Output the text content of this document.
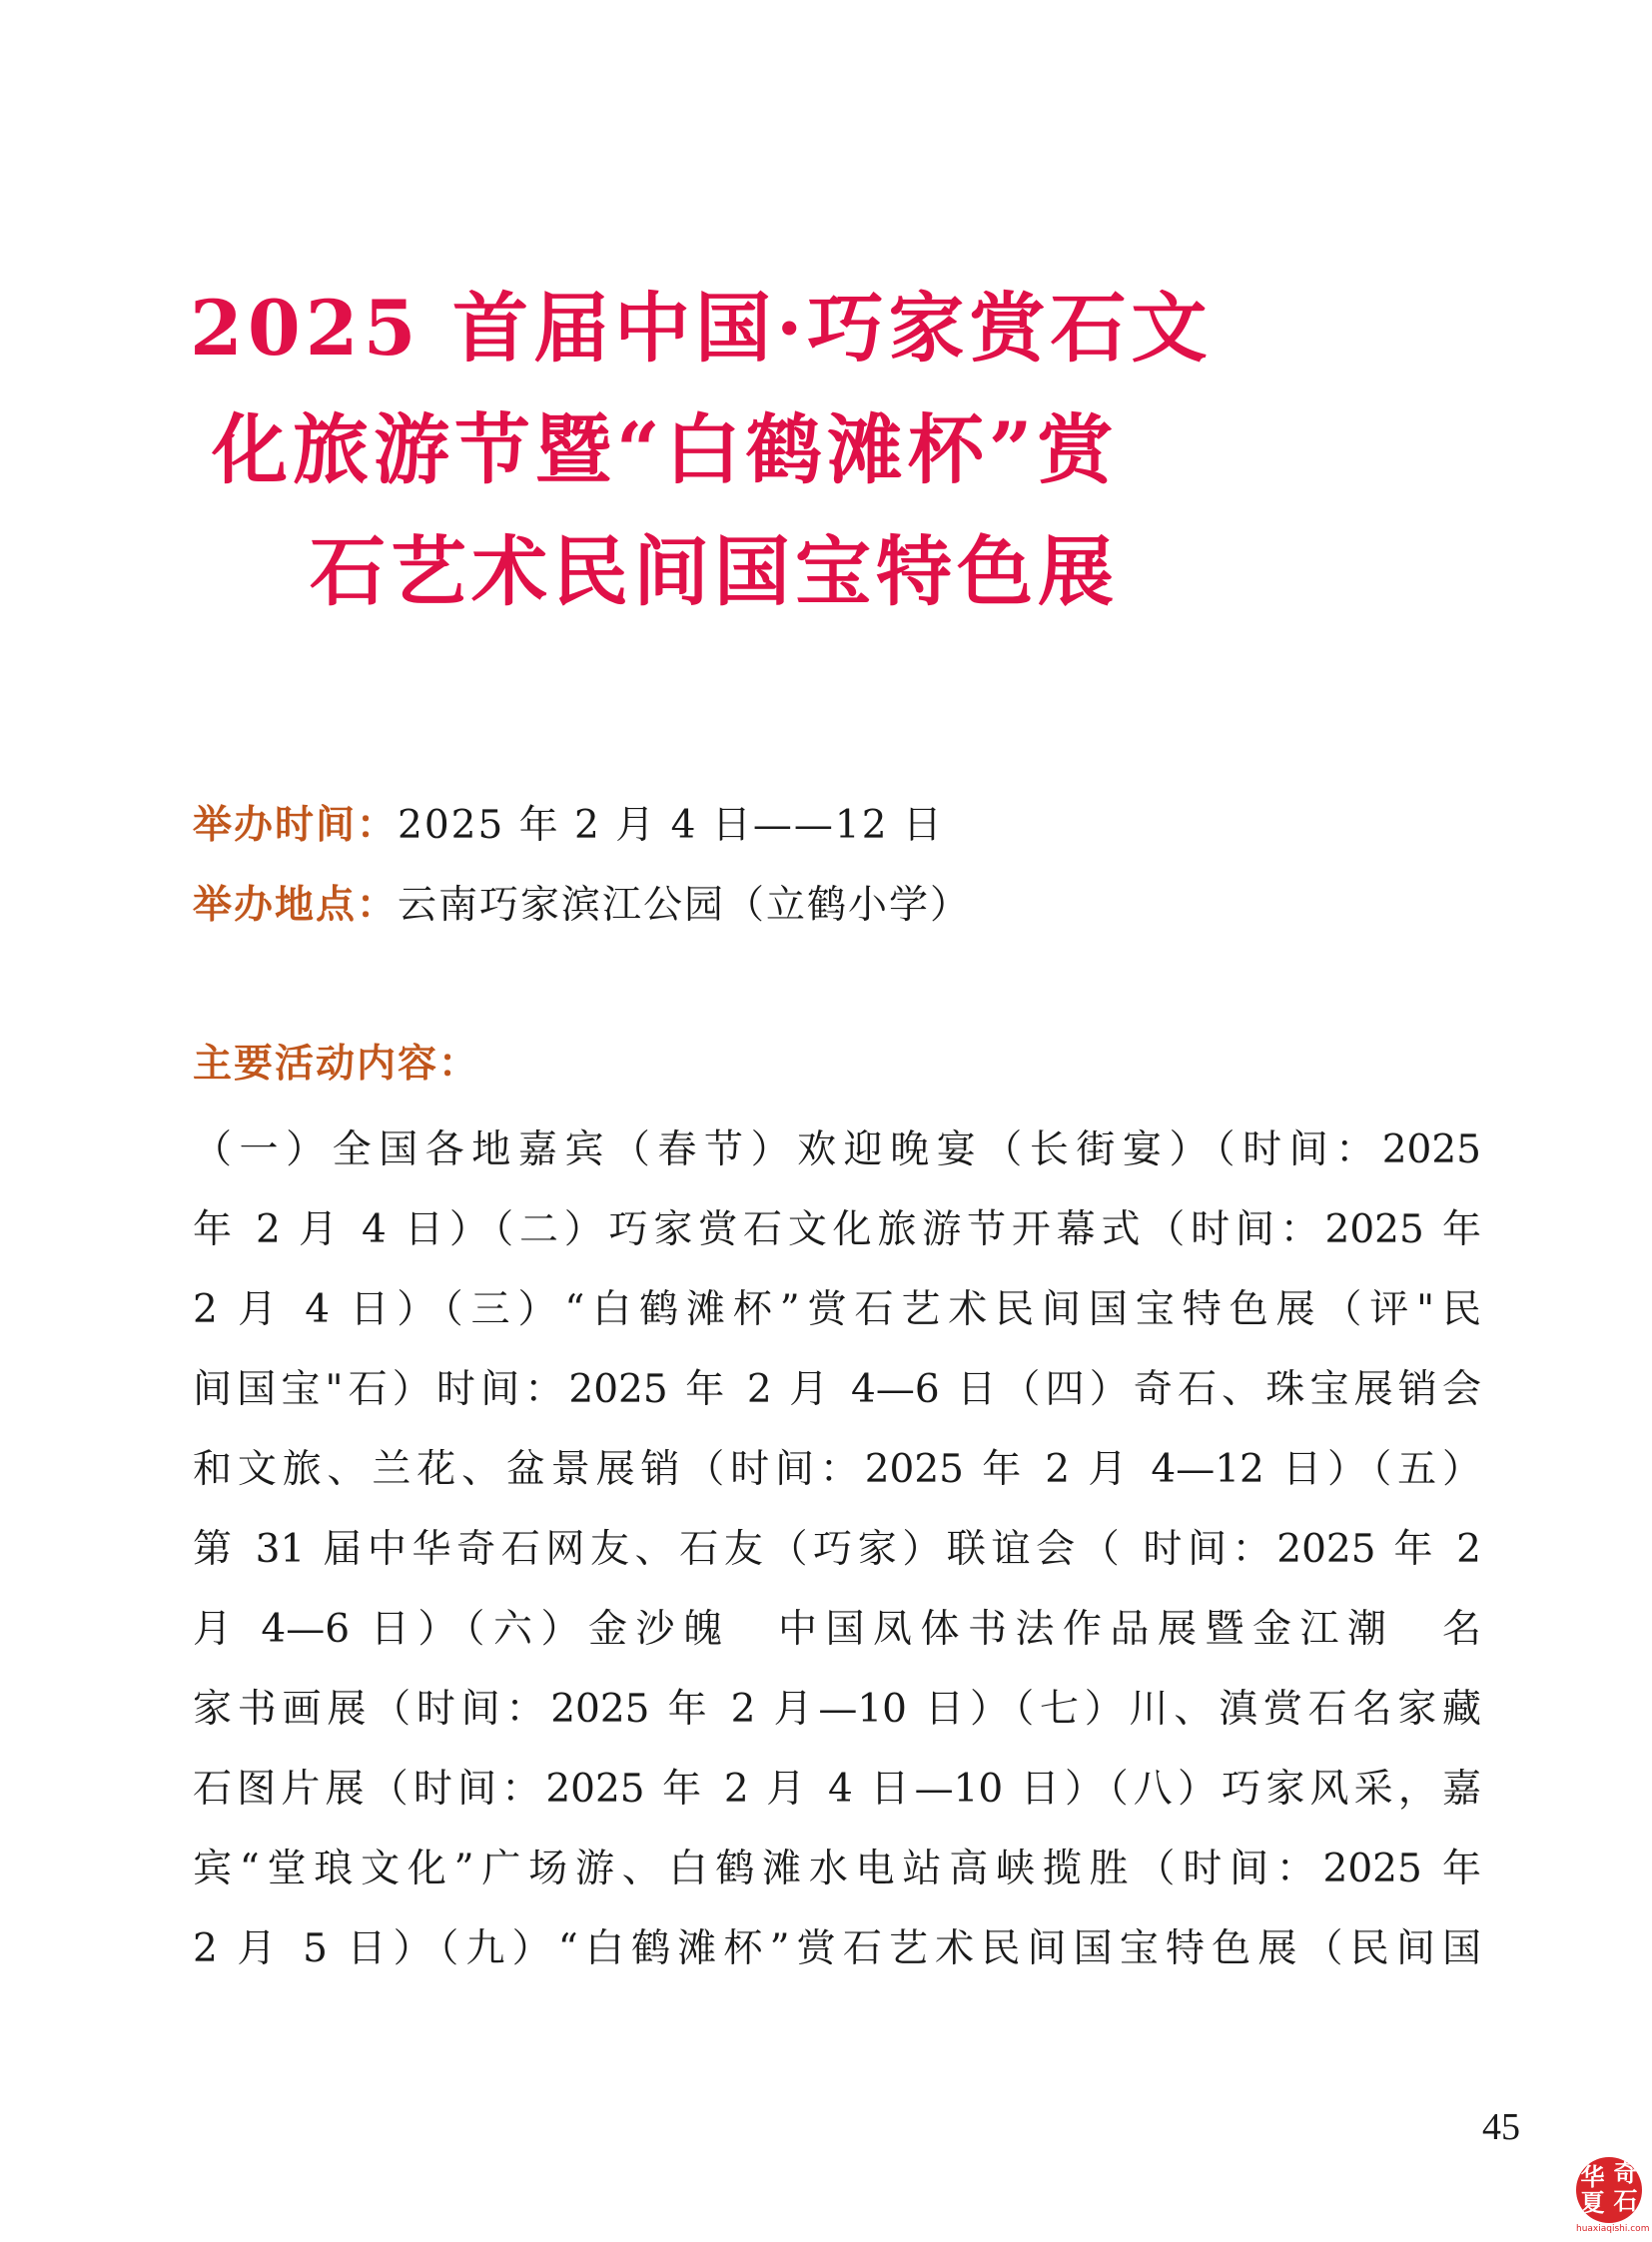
2025 首届中国·巧家赏石文
化旅游节暨“白鹤滩杯”赏
石艺术民间国宝特色展

举办时间：2025 年 2 月 4 日——12 日

举办地点：云南巧家滨江公园（立鹤小学）

主要活动内容：
（一）全国各地嘉宾（春节）欢迎晚宴（长街宴）（时间：2025
年 2 月 4 日）（二）巧家赏石文化旅游节开幕式（时间：2025 年
2 月 4 日）（三）“白鹤滩杯”赏石艺术民间国宝特色展（评"民
间国宝"石）时间：2025 年 2 月 4—6 日（四）奇石、珠宝展销会
和文旅、兰花、盆景展销（时间：2025 年 2 月 4—12 日）（五）
第 31 届中华奇石网友、石友（巧家）联谊会（ 时间：2025 年 2
月 4—6 日）（六）金沙魄　中国凤体书法作品展暨金江潮　名
家书画展（时间：2025 年 2 月—10 日）（七）川、滇赏石名家藏
石图片展（时间：2025 年 2 月 4 日—10 日）（八）巧家风采，嘉
宾“堂琅文化”广场游、白鹤滩水电站高峡揽胜（时间：2025 年
2 月 5 日）（九）“白鹤滩杯”赏石艺术民间国宝特色展（民间国
45
华 奇
夏 石
huaxiaqishi.com
